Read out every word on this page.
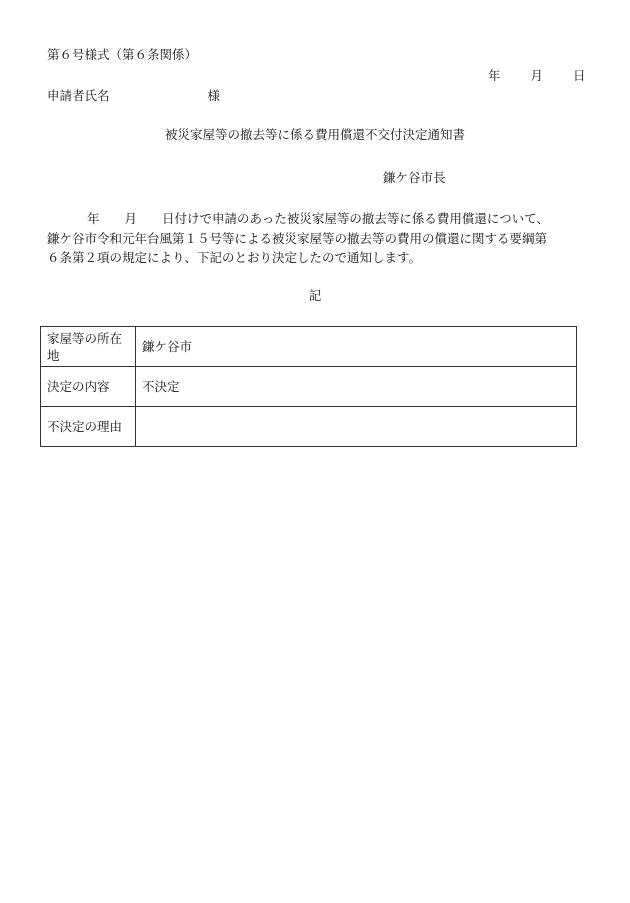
第６号様式（第６条関係）
年 月 日
申請者氏名	様
被災家屋等の撤去等に係る費用償還不交付決定通知書
鎌ケ谷市長

年　　月　　日付けで申請のあった被災家屋等の撤去等に係る費用償還について、

鎌ケ谷市令和元年台風第１５号等による被災家屋等の撤去等の費用の償還に関する要綱第

６条第２項の規定により、下記のとおり決定したので通知します。

記
家屋等の所在地	鎌ケ谷市
決定の内容	不決定
不決定の理由	
